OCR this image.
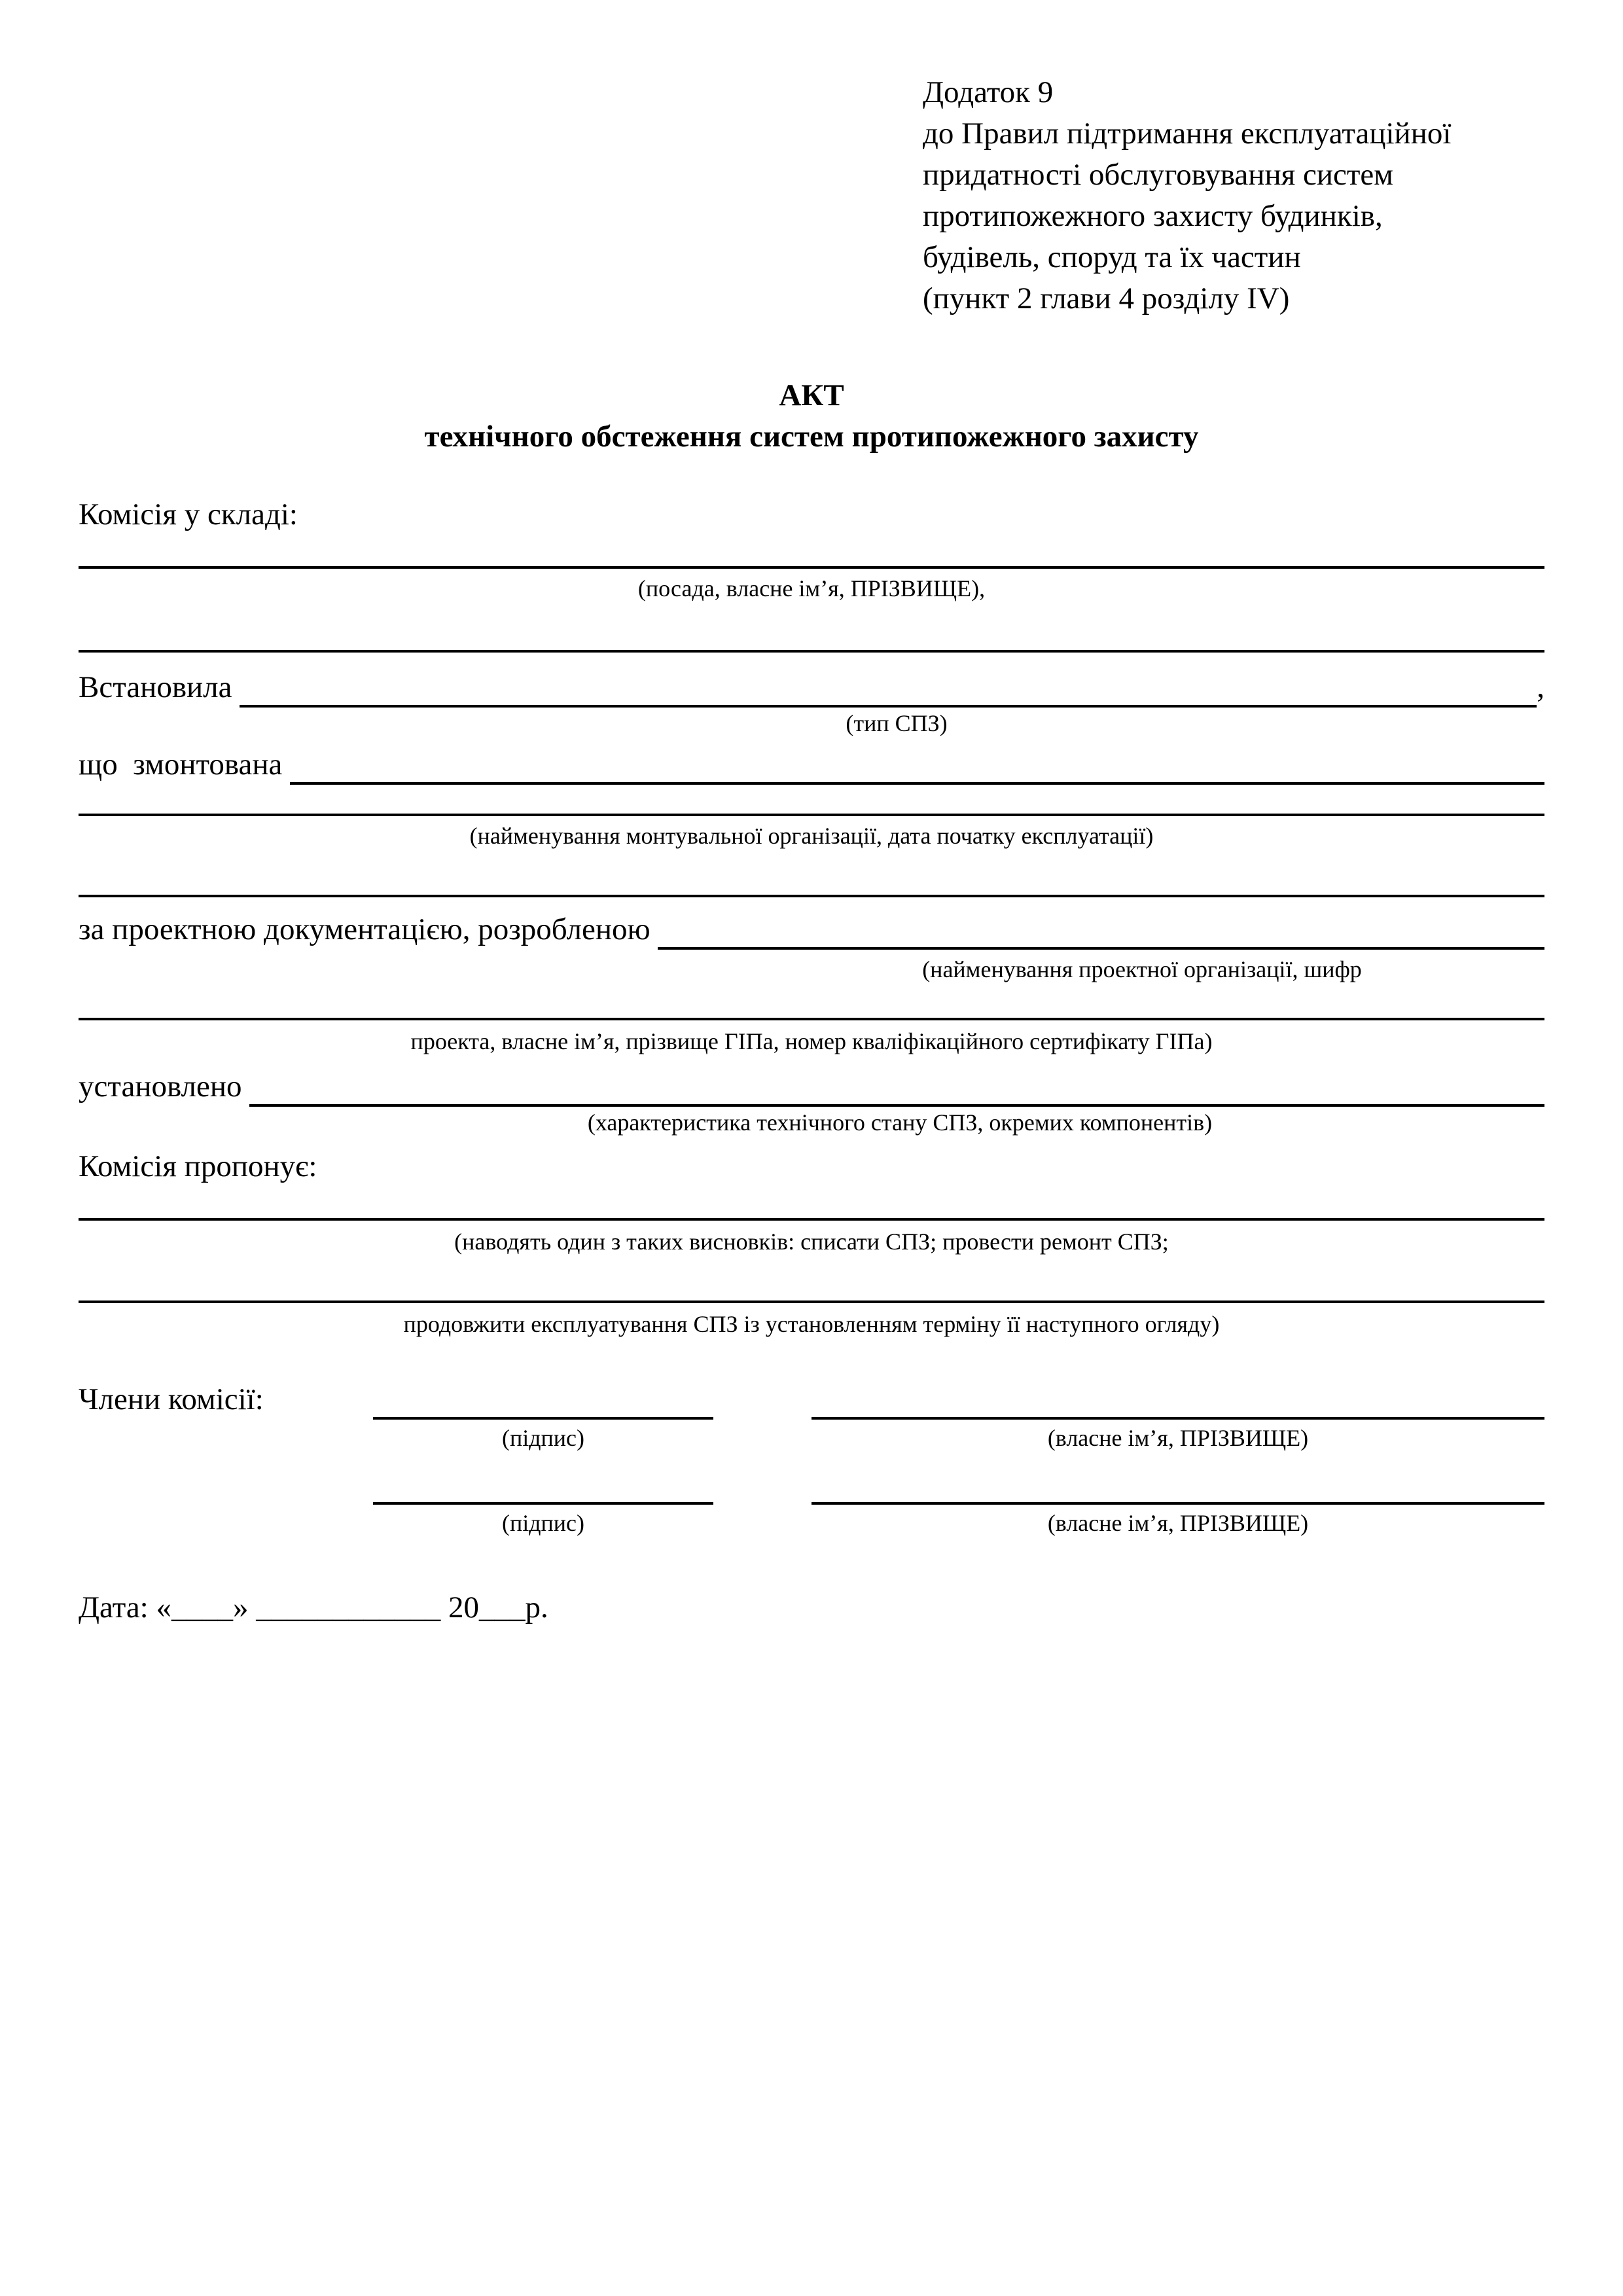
Додаток 9
до Правил підтримання експлуатаційної
придатності обслуговування систем
протипожежного захисту будинків,
будівель, споруд та їх частин
(пункт 2 глави 4 розділу IV)
АКТ
технічного обстеження систем протипожежного захисту
Комісія у складі:
(посада, власне ім’я, ПРІЗВИЩЕ),
Встановила	,
(тип СПЗ)
що  змонтована
(найменування монтувальної організації, дата початку експлуатації)
за проектною документацією, розробленою
(найменування проектної організації, шифр
проекта, власне ім’я, прізвище ГІПа, номер кваліфікаційного сертифікату ГІПа)
установлено
(характеристика технічного стану СПЗ, окремих компонентів)
Комісія пропонує:
(наводять один з таких висновків: списати СПЗ; провести ремонт СПЗ;
продовжити експлуатування СПЗ із установленням терміну її наступного огляду)
Члени комісії:
(підпис)	(власне ім’я, ПРІЗВИЩЕ)
(підпис)	(власне ім’я, ПРІЗВИЩЕ)
Дата: «____» ____________ 20___р.
